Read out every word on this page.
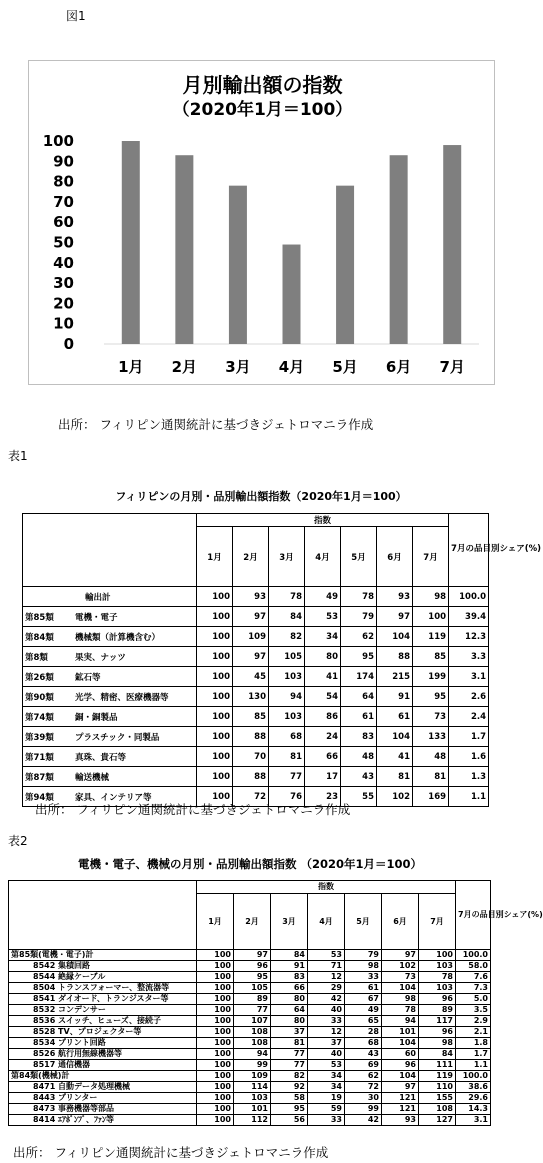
図1
月別輸出額の指数
（2020年1月＝100）
0
10
20
30
40
50
60
70
80
90
100
1月 2月 3月 4月 5月 6月 7月
出所： フィリピン通関統計に基づきジェトロマニラ作成
表1
フィリピンの月別・品別輸出額指数（2020年1月＝100）
	指数							7月の品目別シェア(%)
	1月	2月	3月	4月	5月	6月	7月	
輸出計	100	93	78	49	78	93	98	100.0
第85類 電機・電子	100	97	84	53	79	97	100	39.4
第84類 機械類（計算機含む）	100	109	82	34	62	104	119	12.3
第8類 果実、ナッツ	100	97	105	80	95	88	85	3.3
第26類 鉱石等	100	45	103	41	174	215	199	3.1
第90類 光学、精密、医療機器等	100	130	94	54	64	91	95	2.6
第74類 銅・銅製品	100	85	103	86	61	61	73	2.4
第39類 プラスチック・同製品	100	88	68	24	83	104	133	1.7
第71類 真珠、貴石等	100	70	81	66	48	41	48	1.6
第87類 輸送機械	100	88	77	17	43	81	81	1.3
第94類 家具、インテリア等	100	72	76	23	55	102	169	1.1
出所： フィリピン通関統計に基づきジェトロマニラ作成
表2
電機・電子、機械の月別・品別輸出額指数 （2020年1月＝100）
	指数							7月の品目別シェア(%)
	1月	2月	3月	4月	5月	6月	7月	
第85類(電機・電子)計	100	97	84	53	79	97	100	100.0
8542 集積回路	100	96	91	71	98	102	103	58.0
8544 絶縁ケーブル	100	95	83	12	33	73	78	7.6
8504 トランスフォーマー、整流器等	100	105	66	29	61	104	103	7.3
8541 ダイオード、トランジスター等	100	89	80	42	67	98	96	5.0
8532 コンデンサー	100	77	64	40	49	78	89	3.5
8536 スイッチ、ヒューズ、接続子	100	107	80	33	65	94	117	2.9
8528 TV、プロジェクター等	100	108	37	12	28	101	96	2.1
8534 プリント回路	100	108	81	37	68	104	98	1.8
8526 航行用無線機器等	100	94	77	40	43	60	84	1.7
8517 通信機器	100	99	77	53	69	96	111	1.1
第84類(機械)計	100	109	82	34	62	104	119	100.0
8471 自動データ処理機械	100	114	92	34	72	97	110	38.6
8443 プリンター	100	103	58	19	30	121	155	29.6
8473 事務機器等部品	100	101	95	59	99	121	108	14.3
8414 ｴｱﾎﾟﾝﾌﾟ、ﾌｧﾝ等	100	112	56	33	42	93	127	3.1
出所： フィリピン通関統計に基づきジェトロマニラ作成
